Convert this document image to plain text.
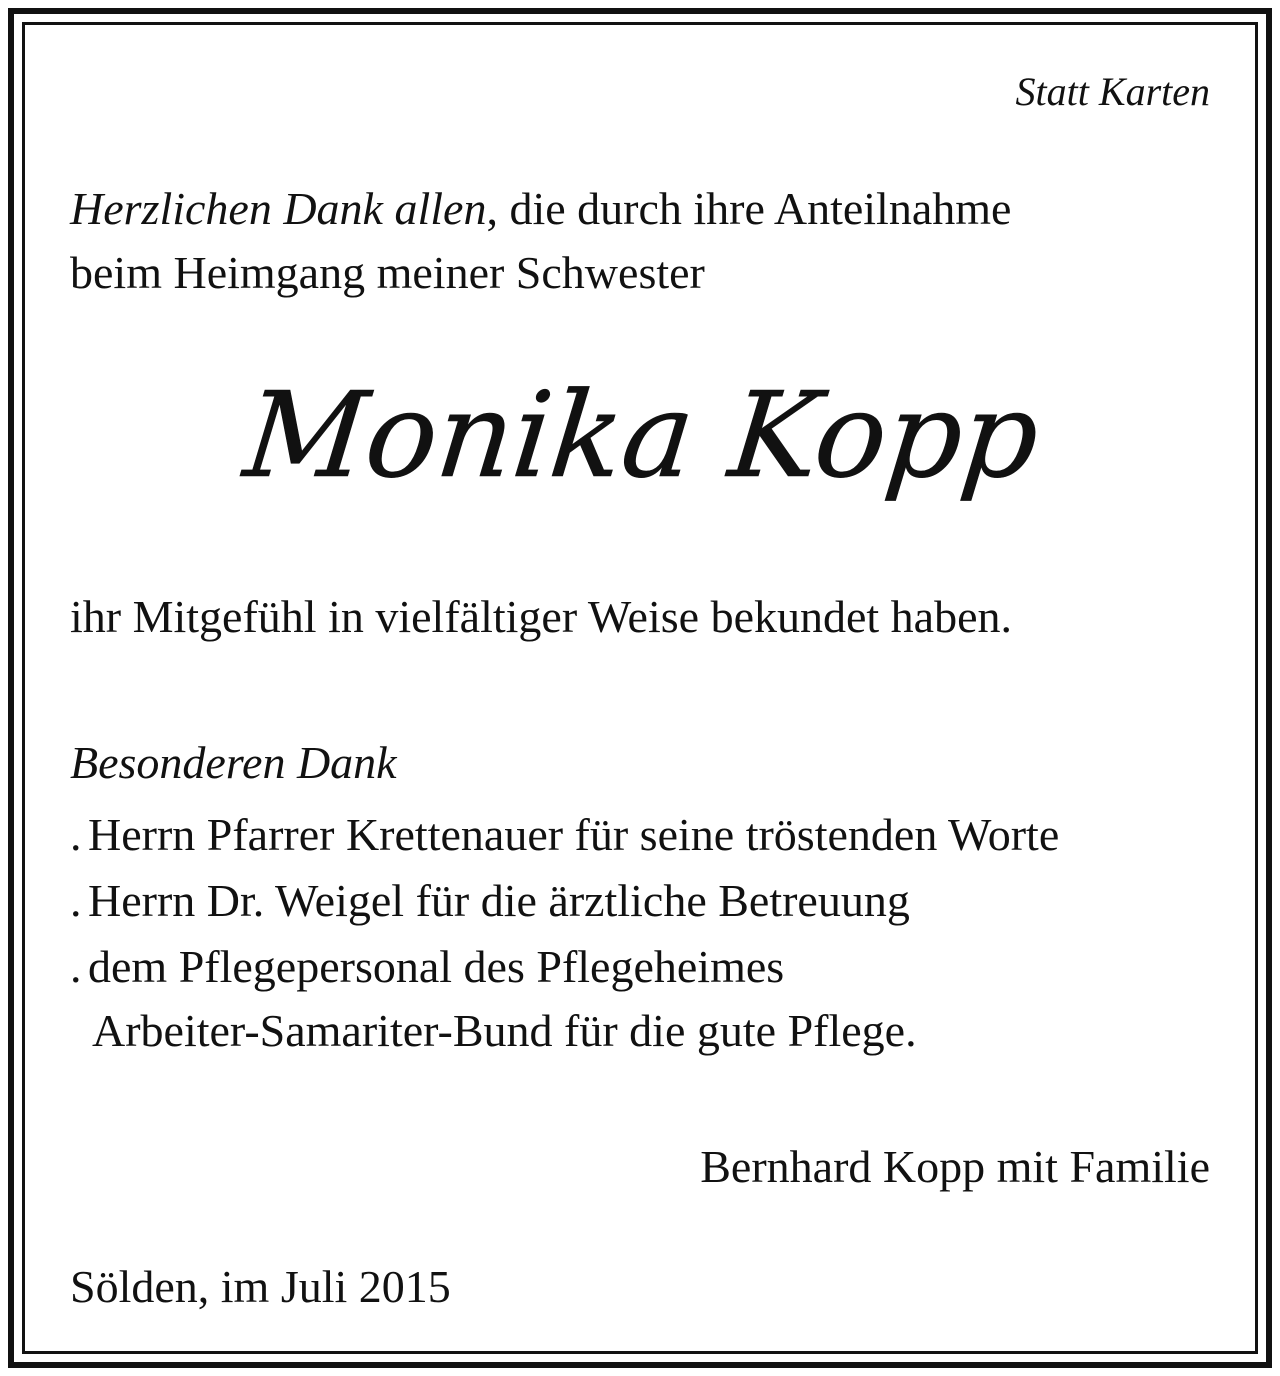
Statt Karten
Herzlichen Dank allen, die durch ihre Anteilnahme
beim Heimgang meiner Schwester
Monika Kopp
ihr Mitgefühl in vielfältiger Weise bekundet haben.
Besonderen Dank
. Herrn Pfarrer Krettenauer für seine tröstenden Worte
. Herrn Dr. Weigel für die ärztliche Betreuung
. dem Pflegepersonal des Pflegeheimes
Arbeiter-Samariter-Bund für die gute Pflege.
Bernhard Kopp mit Familie
Sölden, im Juli 2015
